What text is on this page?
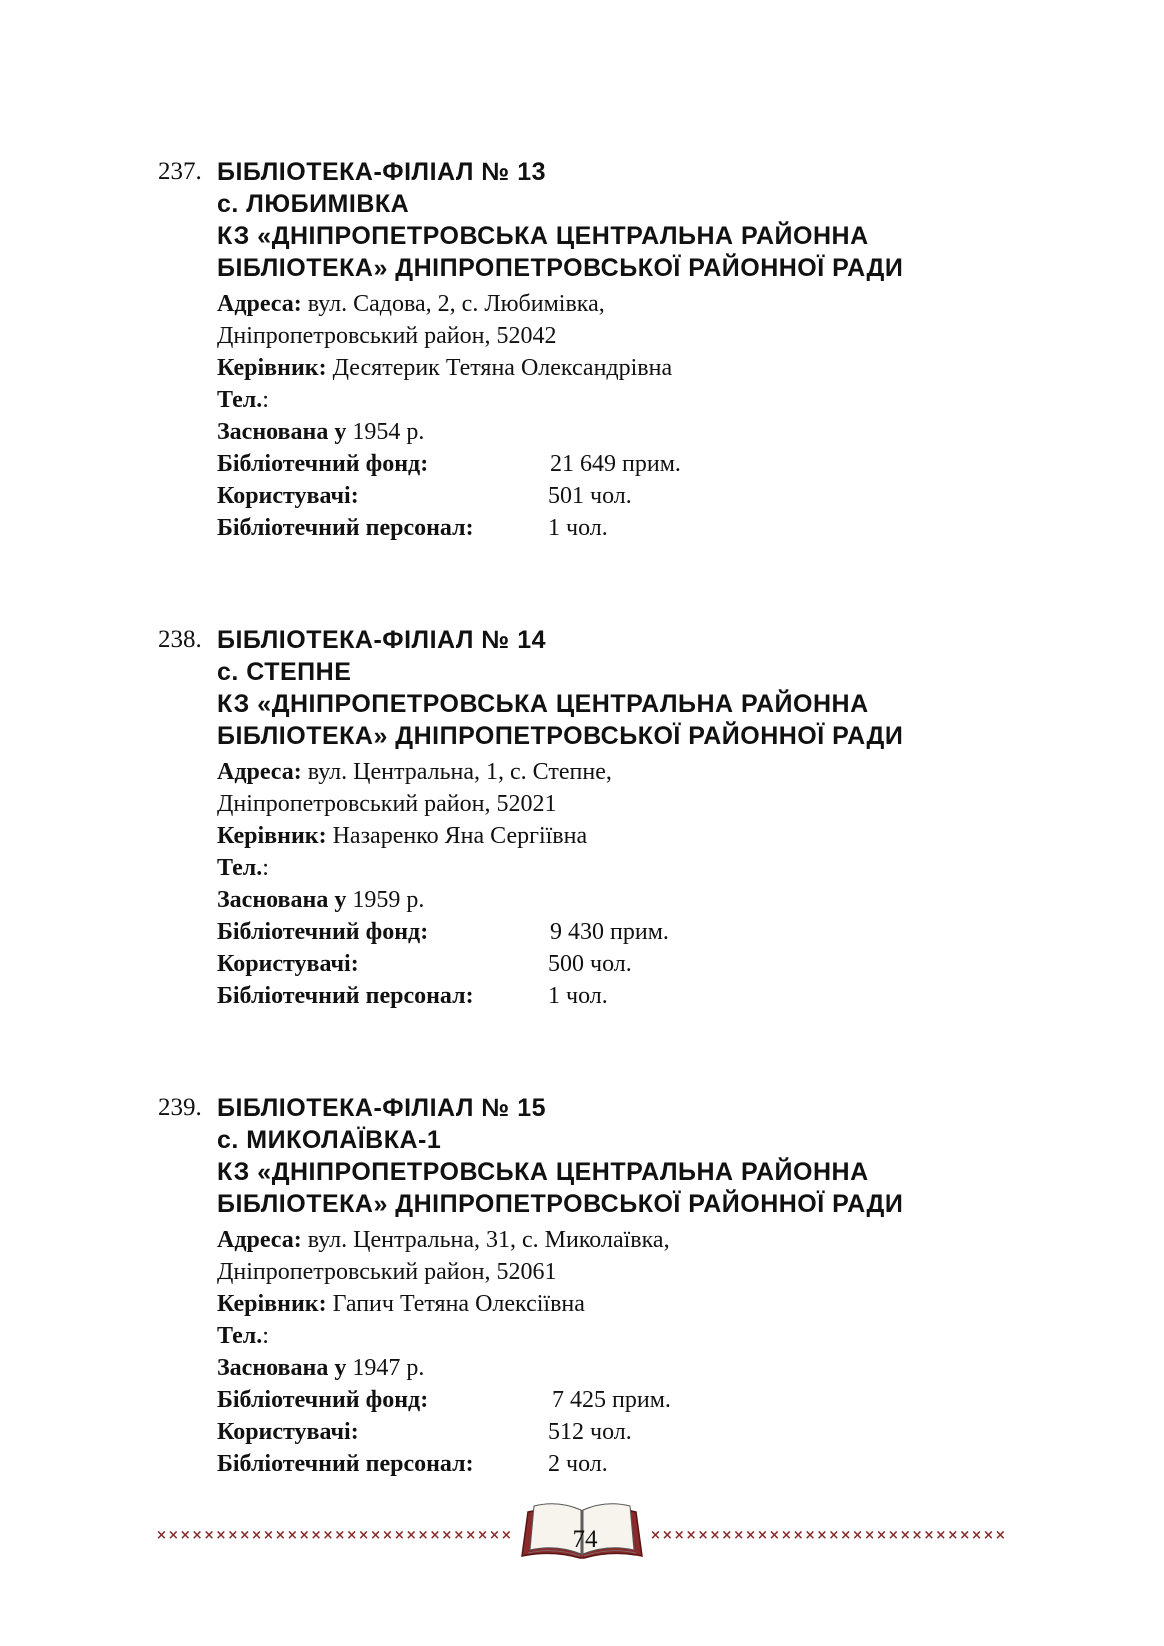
237. БІБЛІОТЕКА-ФІЛІАЛ № 13
с. ЛЮБИМІВКА
КЗ «ДНІПРОПЕТРОВСЬКА ЦЕНТРАЛЬНА РАЙОННА
БІБЛІОТЕКА» ДНІПРОПЕТРОВСЬКОЇ РАЙОННОЇ РАДИ
Адреса: вул. Садова, 2, с. Любимівка,
Дніпропетровський район, 52042
Керівник: Десятерик Тетяна Олександрівна
Тел.:
Заснована у 1954 р.
Бібліотечний фонд:	21 649 прим.
Користувачі:	501 чол.
Бібліотечний персонал:	1 чол.
238. БІБЛІОТЕКА-ФІЛІАЛ № 14
с. СТЕПНЕ
КЗ «ДНІПРОПЕТРОВСЬКА ЦЕНТРАЛЬНА РАЙОННА
БІБЛІОТЕКА» ДНІПРОПЕТРОВСЬКОЇ РАЙОННОЇ РАДИ
Адреса: вул. Центральна, 1, с. Степне,
Дніпропетровський район, 52021
Керівник: Назаренко Яна Сергіївна
Тел.:
Заснована у 1959 р.
Бібліотечний фонд:	9 430 прим.
Користувачі:	500 чол.
Бібліотечний персонал:	1 чол.
239. БІБЛІОТЕКА-ФІЛІАЛ № 15
с. МИКОЛАЇВКА-1
КЗ «ДНІПРОПЕТРОВСЬКА ЦЕНТРАЛЬНА РАЙОННА
БІБЛІОТЕКА» ДНІПРОПЕТРОВСЬКОЇ РАЙОННОЇ РАДИ
Адреса: вул. Центральна, 31, с. Миколаївка,
Дніпропетровський район, 52061
Керівник: Гапич Тетяна Олексіївна
Тел.:
Заснована у 1947 р.
Бібліотечний фонд:	7 425 прим.
Користувачі:	512 чол.
Бібліотечний персонал:	2 чол.
××××××××××××××××××××××××××××××	××××××××××××××××××××××××××××××
74
